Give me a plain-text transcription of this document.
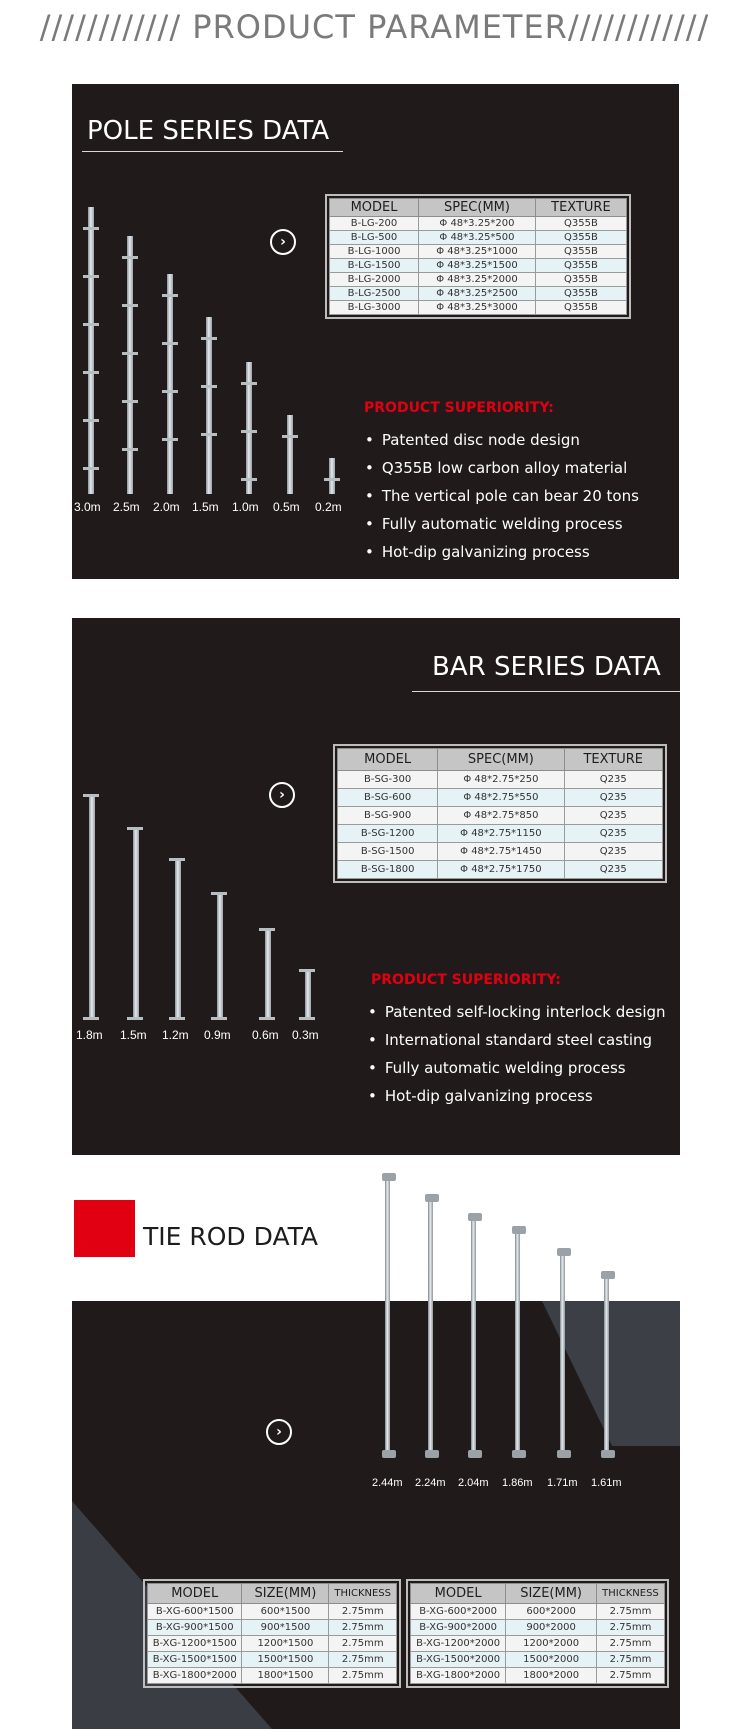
//////////// PRODUCT PARAMETER////////////
POLE SERIES DATA
3.0m 2.5m 2.0m 1.5m 1.0m 0.5m 0.2m
›
MODEL	SPEC(MM)	TEXTURE
B-LG-200	Φ 48*3.25*200	Q355B
B-LG-500	Φ 48*3.25*500	Q355B
B-LG-1000	Φ 48*3.25*1000	Q355B
B-LG-1500	Φ 48*3.25*1500	Q355B
B-LG-2000	Φ 48*3.25*2000	Q355B
B-LG-2500	Φ 48*3.25*2500	Q355B
B-LG-3000	Φ 48*3.25*3000	Q355B
PRODUCT SUPERIORITY:
• Patented disc node design
• Q355B low carbon alloy material
• The vertical pole can bear 20 tons
• Fully automatic welding process
• Hot-dip galvanizing process
BAR SERIES DATA
1.8m 1.5m 1.2m 0.9m 0.6m 0.3m
›
MODEL	SPEC(MM)	TEXTURE
B-SG-300	Φ 48*2.75*250	Q235
B-SG-600	Φ 48*2.75*550	Q235
B-SG-900	Φ 48*2.75*850	Q235
B-SG-1200	Φ 48*2.75*1150	Q235
B-SG-1500	Φ 48*2.75*1450	Q235
B-SG-1800	Φ 48*2.75*1750	Q235
PRODUCT SUPERIORITY:
• Patented self-locking interlock design
• International standard steel casting
• Fully automatic welding process
• Hot-dip galvanizing process
TIE ROD DATA
›
MODEL	SIZE(MM)	THICKNESS
B-XG-600*1500	600*1500	2.75mm
B-XG-900*1500	900*1500	2.75mm
B-XG-1200*1500	1200*1500	2.75mm
B-XG-1500*1500	1500*1500	2.75mm
B-XG-1800*2000	1800*1500	2.75mm
MODEL	SIZE(MM)	THICKNESS
B-XG-600*2000	600*2000	2.75mm
B-XG-900*2000	900*2000	2.75mm
B-XG-1200*2000	1200*2000	2.75mm
B-XG-1500*2000	1500*2000	2.75mm
B-XG-1800*2000	1800*2000	2.75mm
2.44m 2.24m 2.04m 1.86m 1.71m 1.61m
